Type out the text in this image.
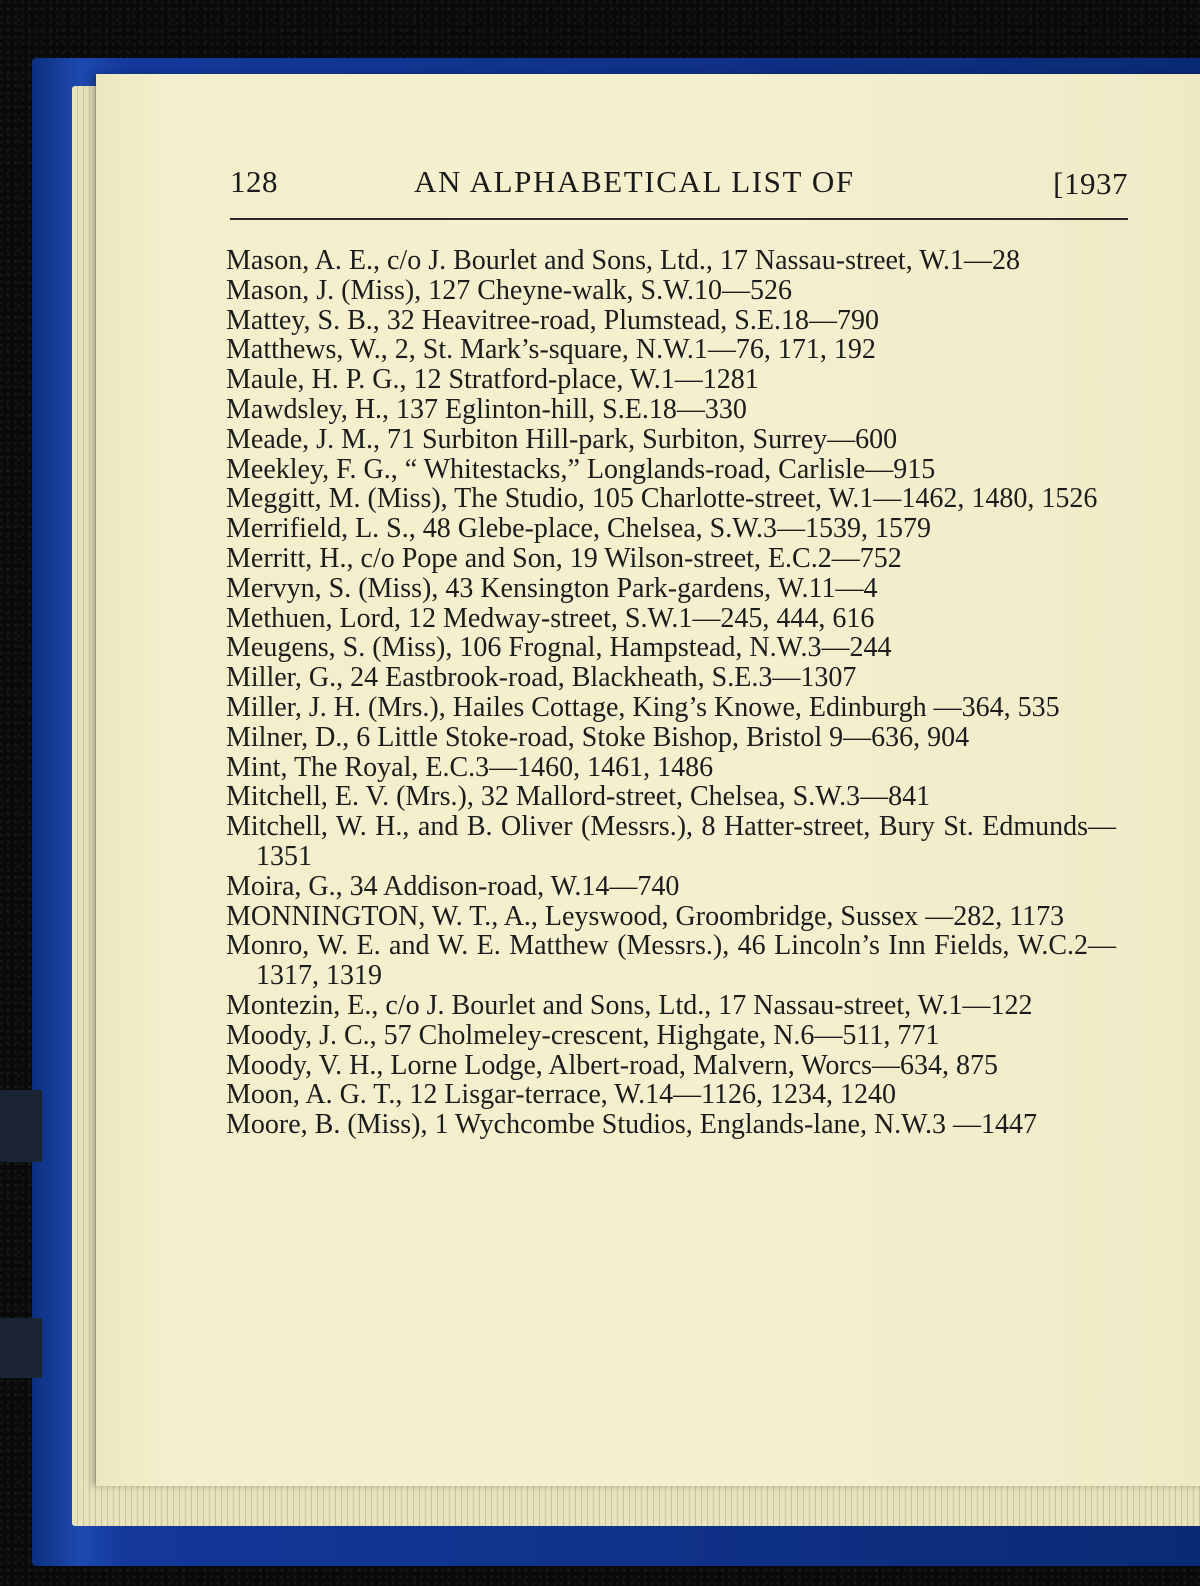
128	AN ALPHABETICAL LIST OF	[1937
Mason, A. E., c/o J. Bourlet and Sons, Ltd., 17 Nassau-street, W.1—28
Mason, J. (Miss), 127 Cheyne-walk, S.W.10—526
Mattey, S. B., 32 Heavitree-road, Plumstead, S.E.18—790
Matthews, W., 2, St. Mark’s-square, N.W.1—76, 171, 192
Maule, H. P. G., 12 Stratford-place, W.1—1281
Mawdsley, H., 137 Eglinton-hill, S.E.18—330
Meade, J. M., 71 Surbiton Hill-park, Surbiton, Surrey—600
Meekley, F. G., “ Whitestacks,” Longlands-road, Carlisle—915
Meggitt, M. (Miss), The Studio, 105 Charlotte-street, W.1—1462, 1480, 1526
Merrifield, L. S., 48 Glebe-place, Chelsea, S.W.3—1539, 1579
Merritt, H., c/o Pope and Son, 19 Wilson-street, E.C.2—752
Mervyn, S. (Miss), 43 Kensington Park-gardens, W.11—4
Methuen, Lord, 12 Medway-street, S.W.1—245, 444, 616
Meugens, S. (Miss), 106 Frognal, Hampstead, N.W.3—244
Miller, G., 24 Eastbrook-road, Blackheath, S.E.3—1307
Miller, J. H. (Mrs.), Hailes Cottage, King’s Knowe, Edinburgh —364, 535
Milner, D., 6 Little Stoke-road, Stoke Bishop, Bristol 9—636, 904
Mint, The Royal, E.C.3—1460, 1461, 1486
Mitchell, E. V. (Mrs.), 32 Mallord-street, Chelsea, S.W.3—841
Mitchell, W. H., and B. Oliver (Messrs.), 8 Hatter-street, Bury St. Edmunds—1351
Moira, G., 34 Addison-road, W.14—740
MONNINGTON, W. T., A., Leyswood, Groombridge, Sussex —282, 1173
Monro, W. E. and W. E. Matthew (Messrs.), 46 Lincoln’s Inn Fields, W.C.2—1317, 1319
Montezin, E., c/o J. Bourlet and Sons, Ltd., 17 Nassau-street, W.1—122
Moody, J. C., 57 Cholmeley-crescent, Highgate, N.6—511, 771
Moody, V. H., Lorne Lodge, Albert-road, Malvern, Worcs—634, 875
Moon, A. G. T., 12 Lisgar-terrace, W.14—1126, 1234, 1240
Moore, B. (Miss), 1 Wychcombe Studios, Englands-lane, N.W.3 —1447
